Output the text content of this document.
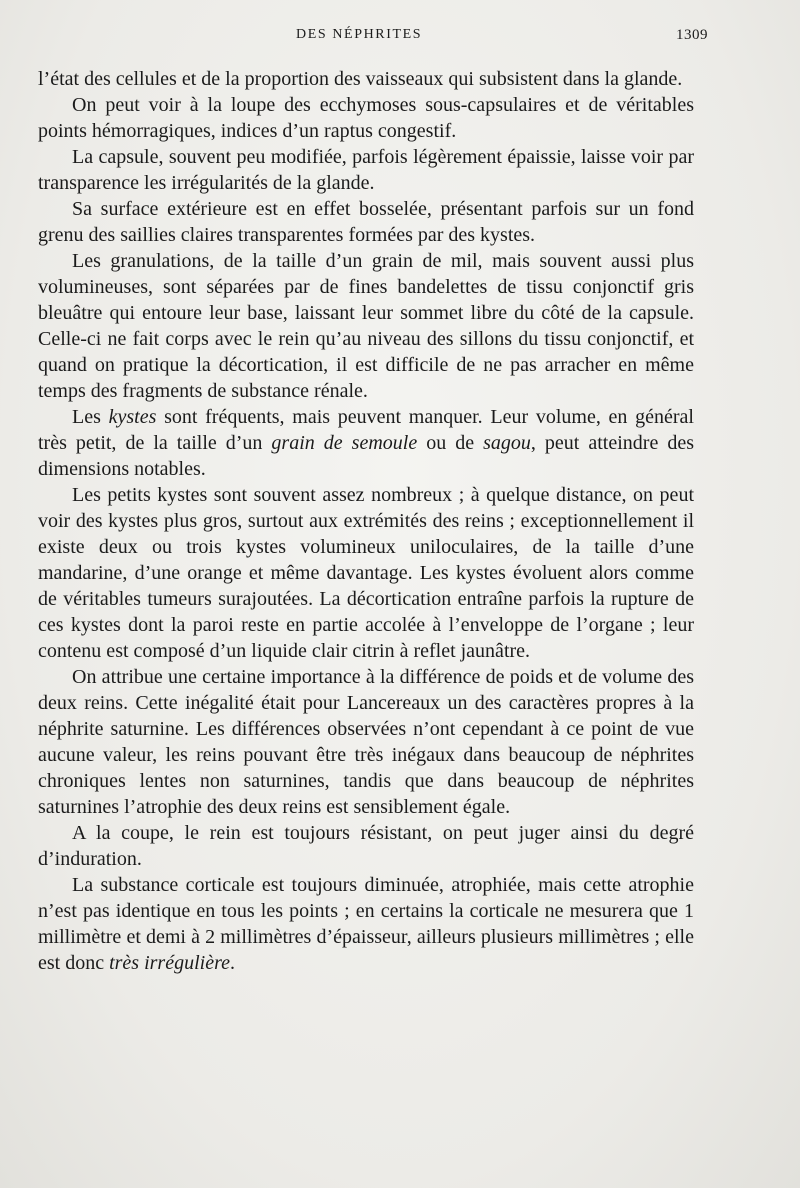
DES NÉPHRITES	1309

l’état des cellules et de la proportion des vaisseaux qui subsistent dans la glande.

On peut voir à la loupe des ecchymoses sous-capsulaires et de véritables points hémorragiques, indices d’un raptus congestif.

La capsule, souvent peu modifiée, parfois légèrement épaissie, laisse voir par transparence les irrégularités de la glande.

Sa surface extérieure est en effet bosselée, présentant parfois sur un fond grenu des saillies claires transparentes formées par des kystes.

Les granulations, de la taille d’un grain de mil, mais souvent aussi plus volumineuses, sont séparées par de fines bandelettes de tissu conjonctif gris bleuâtre qui entoure leur base, laissant leur sommet libre du côté de la capsule. Celle-ci ne fait corps avec le rein qu’au niveau des sillons du tissu conjonctif, et quand on pratique la décortication, il est difficile de ne pas arracher en même temps des fragments de substance rénale.

Les kystes sont fréquents, mais peuvent manquer. Leur volume, en général très petit, de la taille d’un grain de semoule ou de sagou, peut atteindre des dimensions notables.

Les petits kystes sont souvent assez nombreux ; à quelque distance, on peut voir des kystes plus gros, surtout aux extrémités des reins ; exceptionnellement il existe deux ou trois kystes volumineux uniloculaires, de la taille d’une mandarine, d’une orange et même davantage. Les kystes évoluent alors comme de véritables tumeurs surajoutées. La décortication entraîne parfois la rupture de ces kystes dont la paroi reste en partie accolée à l’enveloppe de l’organe ; leur contenu est composé d’un liquide clair citrin à reflet jaunâtre.

On attribue une certaine importance à la différence de poids et de volume des deux reins. Cette inégalité était pour Lancereaux un des caractères propres à la néphrite saturnine. Les différences observées n’ont cependant à ce point de vue aucune valeur, les reins pouvant être très inégaux dans beaucoup de néphrites chroniques lentes non saturnines, tandis que dans beaucoup de néphrites saturnines l’atrophie des deux reins est sensiblement égale.

A la coupe, le rein est toujours résistant, on peut juger ainsi du degré d’induration.

La substance corticale est toujours diminuée, atrophiée, mais cette atrophie n’est pas identique en tous les points ; en certains la corticale ne mesurera que 1 millimètre et demi à 2 millimètres d’épaisseur, ailleurs plusieurs millimètres ; elle est donc très irrégulière.
